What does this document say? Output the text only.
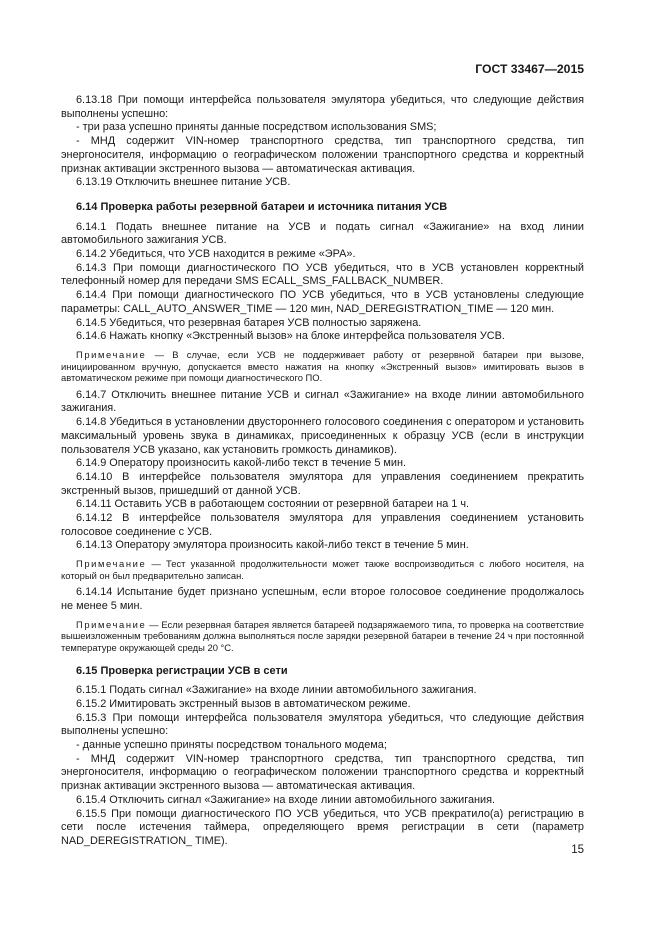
ГОСТ 33467—2015

6.13.18 При помощи интерфейса пользователя эмулятора убедиться, что следующие действия выполнены успешно:

- три раза успешно приняты данные посредством использования SMS;

- МНД содержит VIN-номер транспортного средства, тип транспортного средства, тип энергоносителя, информацию о географическом положении транспортного средства и корректный признак активации экстренного вызова — автоматическая активация.

6.13.19 Отключить внешнее питание УСВ.

6.14 Проверка работы резервной батареи и источника питания УСВ

6.14.1 Подать внешнее питание на УСВ и подать сигнал «Зажигание» на вход линии автомобильного зажигания УСВ.

6.14.2 Убедиться, что УСВ находится в режиме «ЭРА».

6.14.3 При помощи диагностического ПО УСВ убедиться, что в УСВ установлен корректный телефонный номер для передачи SMS ECALL_SMS_FALLBACK_NUMBER.

6.14.4 При помощи диагностического ПО УСВ убедиться, что в УСВ установлены следующие параметры: CALL_AUTO_ANSWER_TIME — 120 мин, NAD_DEREGISTRATION_TIME — 120 мин.

6.14.5 Убедиться, что резервная батарея УСВ полностью заряжена.

6.14.6 Нажать кнопку «Экстренный вызов» на блоке интерфейса пользователя УСВ.

Примечание — В случае, если УСВ не поддерживает работу от резервной батареи при вызове, инициированном вручную, допускается вместо нажатия на кнопку «Экстренный вызов» имитировать вызов в автоматическом режиме при помощи диагностического ПО.

6.14.7 Отключить внешнее питание УСВ и сигнал «Зажигание» на входе линии автомобильного зажигания.

6.14.8 Убедиться в установлении двустороннего голосового соединения с оператором и установить максимальный уровень звука в динамиках, присоединенных к образцу УСВ (если в инструкции пользователя УСВ указано, как установить громкость динамиков).

6.14.9 Оператору произносить какой-либо текст в течение 5 мин.

6.14.10 В интерфейсе пользователя эмулятора для управления соединением прекратить экстренный вызов, пришедший от данной УСВ.

6.14.11 Оставить УСВ в работающем состоянии от резервной батареи на 1 ч.

6.14.12 В интерфейсе пользователя эмулятора для управления соединением установить голосовое соединение с УСВ.

6.14.13 Оператору эмулятора произносить какой-либо текст в течение 5 мин.

Примечание — Тест указанной продолжительности может также воспроизводиться с любого носителя, на который он был предварительно записан.

6.14.14 Испытание будет признано успешным, если второе голосовое соединение продолжалось не менее 5 мин.

Примечание — Если резервная батарея является батареей подзаряжаемого типа, то проверка на соответствие вышеизложенным требованиям должна выполняться после зарядки резервной батареи в течение 24 ч при постоянной температуре окружающей среды 20 °С.

6.15 Проверка регистрации УСВ в сети

6.15.1 Подать сигнал «Зажигание» на входе линии автомобильного зажигания.

6.15.2 Имитировать экстренный вызов в автоматическом режиме.

6.15.3 При помощи интерфейса пользователя эмулятора убедиться, что следующие действия выполнены успешно:

- данные успешно приняты посредством тонального модема;

- МНД содержит VIN-номер транспортного средства, тип транспортного средства, тип энергоносителя, информацию о географическом положении транспортного средства и корректный признак активации экстренного вызова — автоматическая активация.

6.15.4 Отключить сигнал «Зажигание» на входе линии автомобильного зажигания.

6.15.5 При помощи диагностического ПО УСВ убедиться, что УСВ прекратило(а) регистрацию в сети после истечения таймера, определяющего время регистрации в сети (параметр NAD_DEREGISTRATION_ TIME).

15
